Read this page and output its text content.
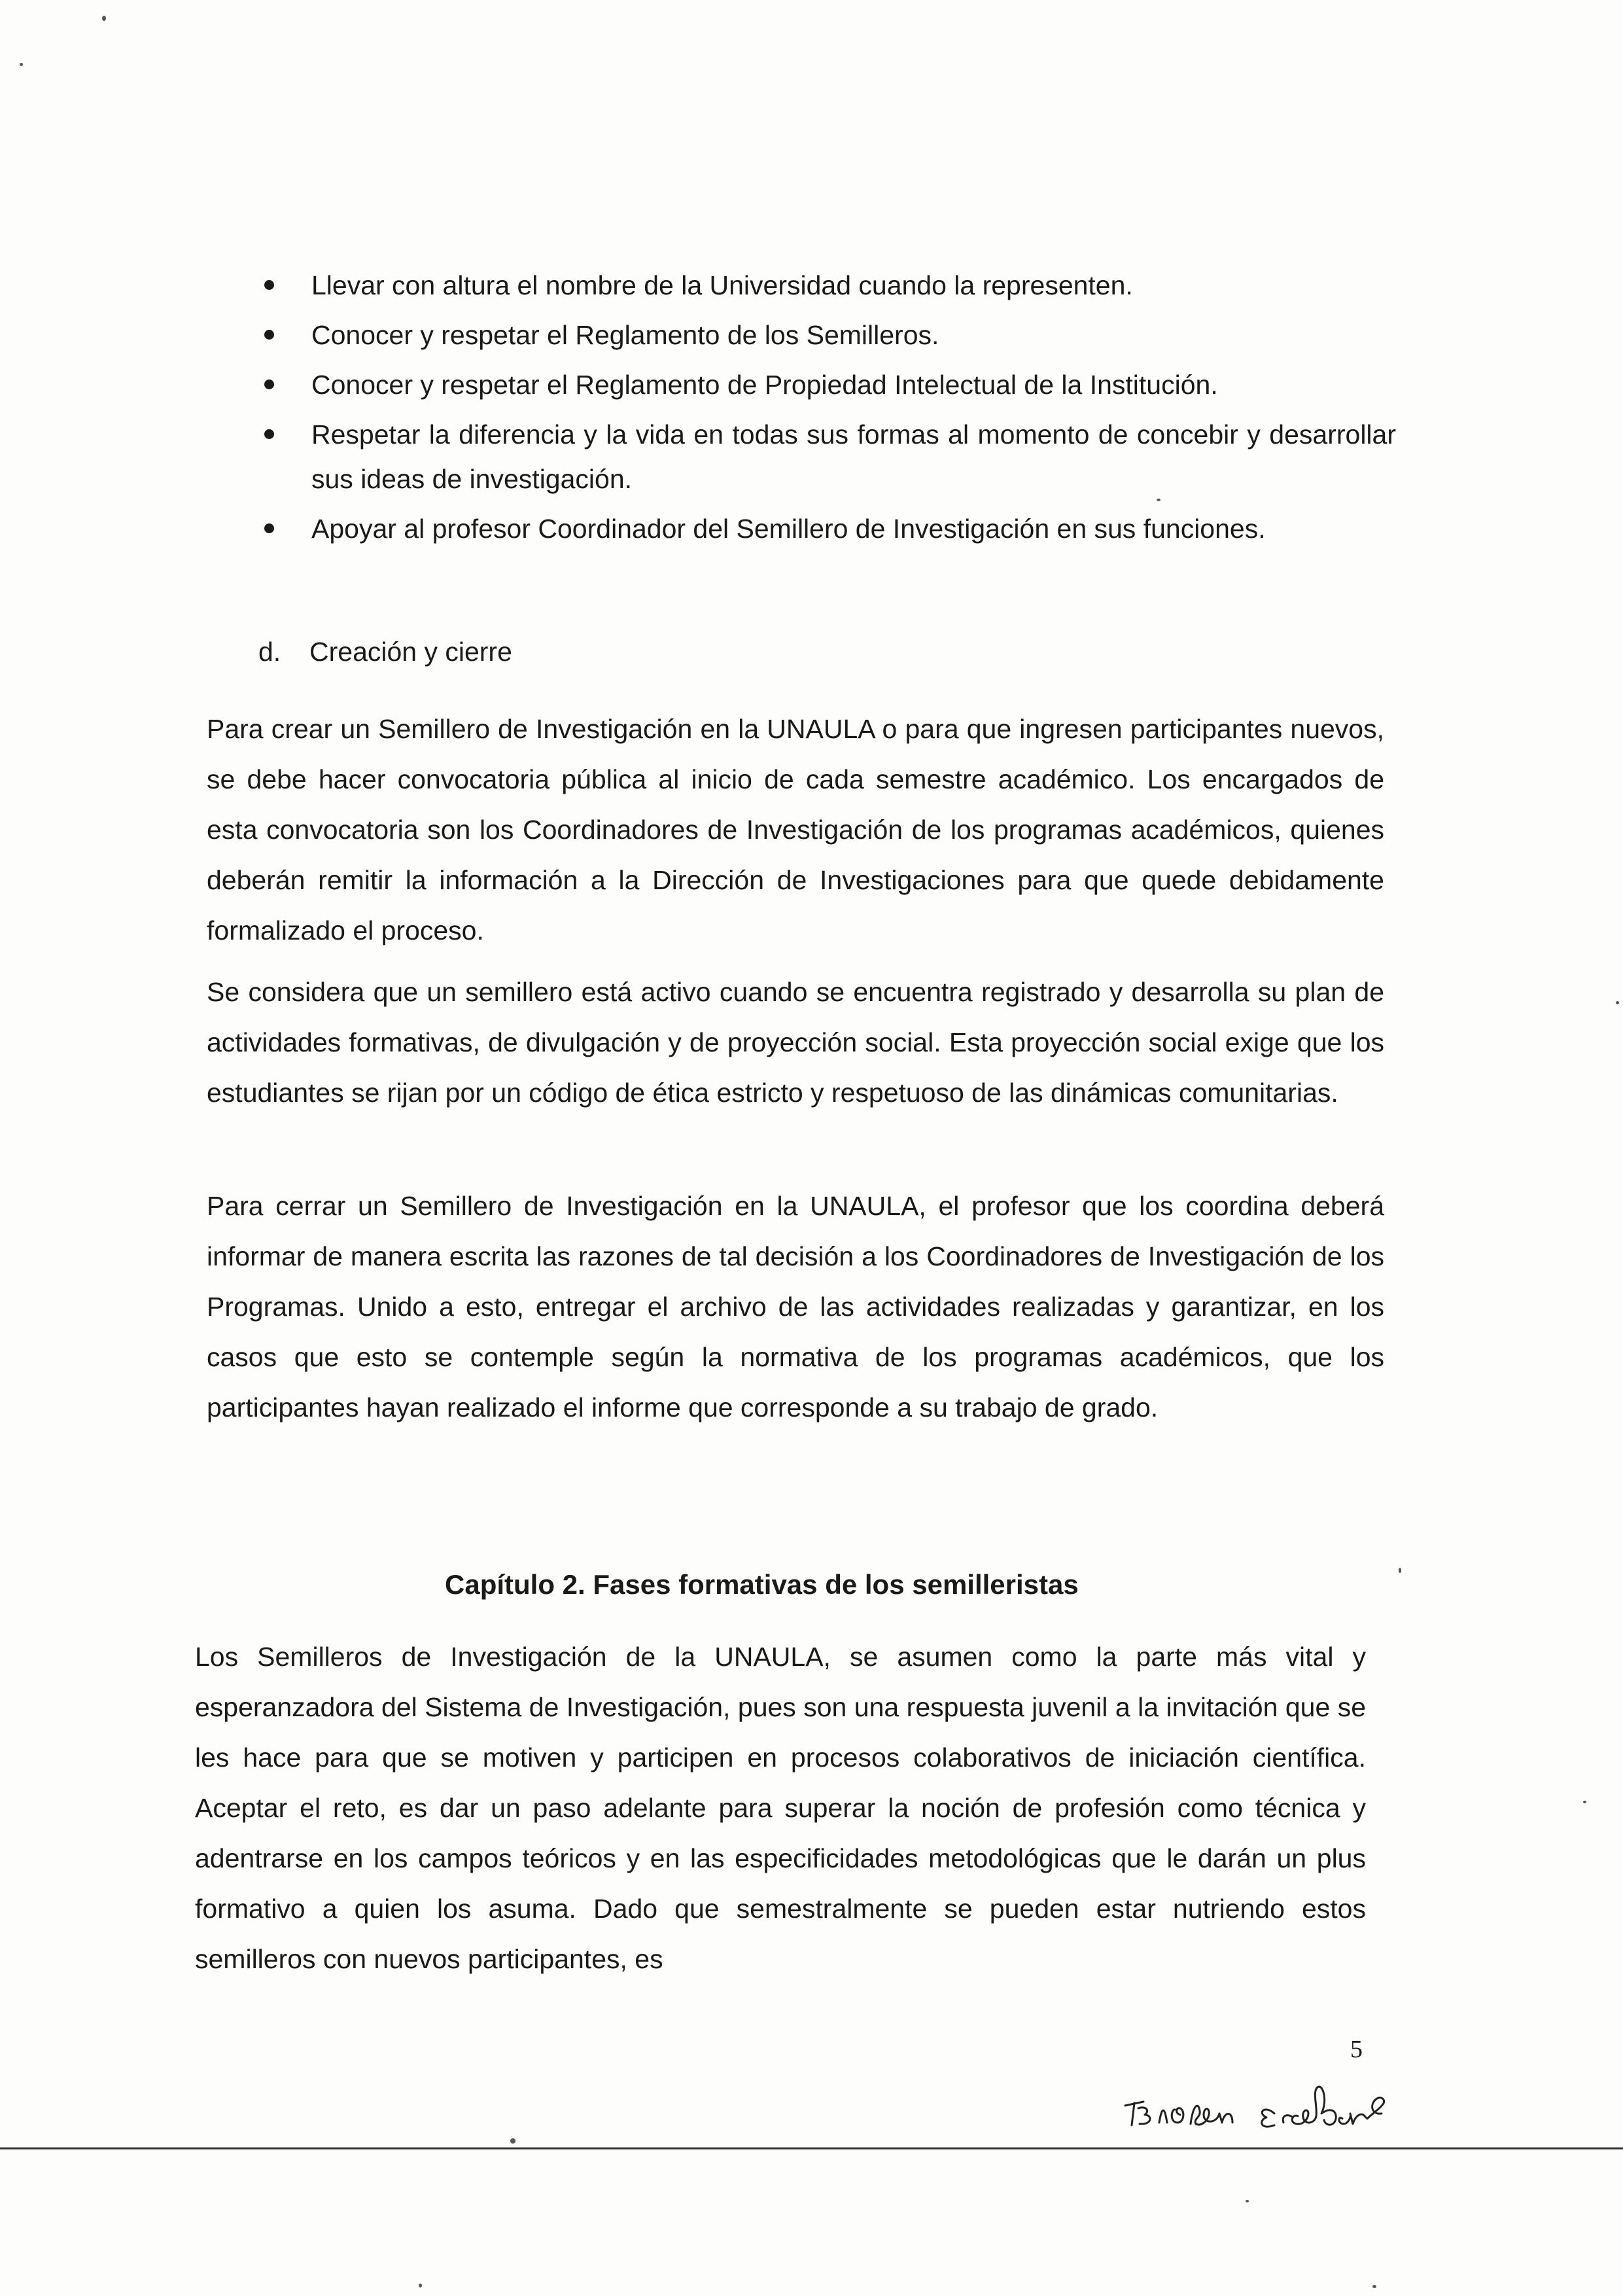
Llevar con altura el nombre de la Universidad cuando la representen.
Conocer y respetar el Reglamento de los Semilleros.
Conocer y respetar el Reglamento de Propiedad Intelectual de la Institución.
Respetar la diferencia y la vida en todas sus formas al momento de concebir y desarrollar sus ideas de investigación.
Apoyar al profesor Coordinador del Semillero de Investigación en sus funciones.
d. Creación y cierre

Para crear un Semillero de Investigación en la UNAULA o para que ingresen participantes nuevos, se debe hacer convocatoria pública al inicio de cada semestre académico. Los encargados de esta convocatoria son los Coordinadores de Investigación de los programas académicos, quienes deberán remitir la información a la Dirección de Investigaciones para que quede debidamente formalizado el proceso.

Se considera que un semillero está activo cuando se encuentra registrado y desarrolla su plan de actividades formativas, de divulgación y de proyección social. Esta proyección social exige que los estudiantes se rijan por un código de ética estricto y respetuoso de las dinámicas comunitarias.

Para cerrar un Semillero de Investigación en la UNAULA, el profesor que los coordina deberá informar de manera escrita las razones de tal decisión a los Coordinadores de Investigación de los Programas. Unido a esto, entregar el archivo de las actividades realizadas y garantizar, en los casos que esto se contemple según la normativa de los programas académicos, que los participantes hayan realizado el informe que corresponde a su trabajo de grado.

Capítulo 2. Fases formativas de los semilleristas

Los Semilleros de Investigación de la UNAULA, se asumen como la parte más vital y esperanzadora del Sistema de Investigación, pues son una respuesta juvenil a la invitación que se les hace para que se motiven y participen en procesos colaborativos de iniciación científica. Aceptar el reto, es dar un paso adelante para superar la noción de profesión como técnica y adentrarse en los campos teóricos y en las especificidades metodológicas que le darán un plus formativo a quien los asuma. Dado que semestralmente se pueden estar nutriendo estos semilleros con nuevos participantes, es

5
